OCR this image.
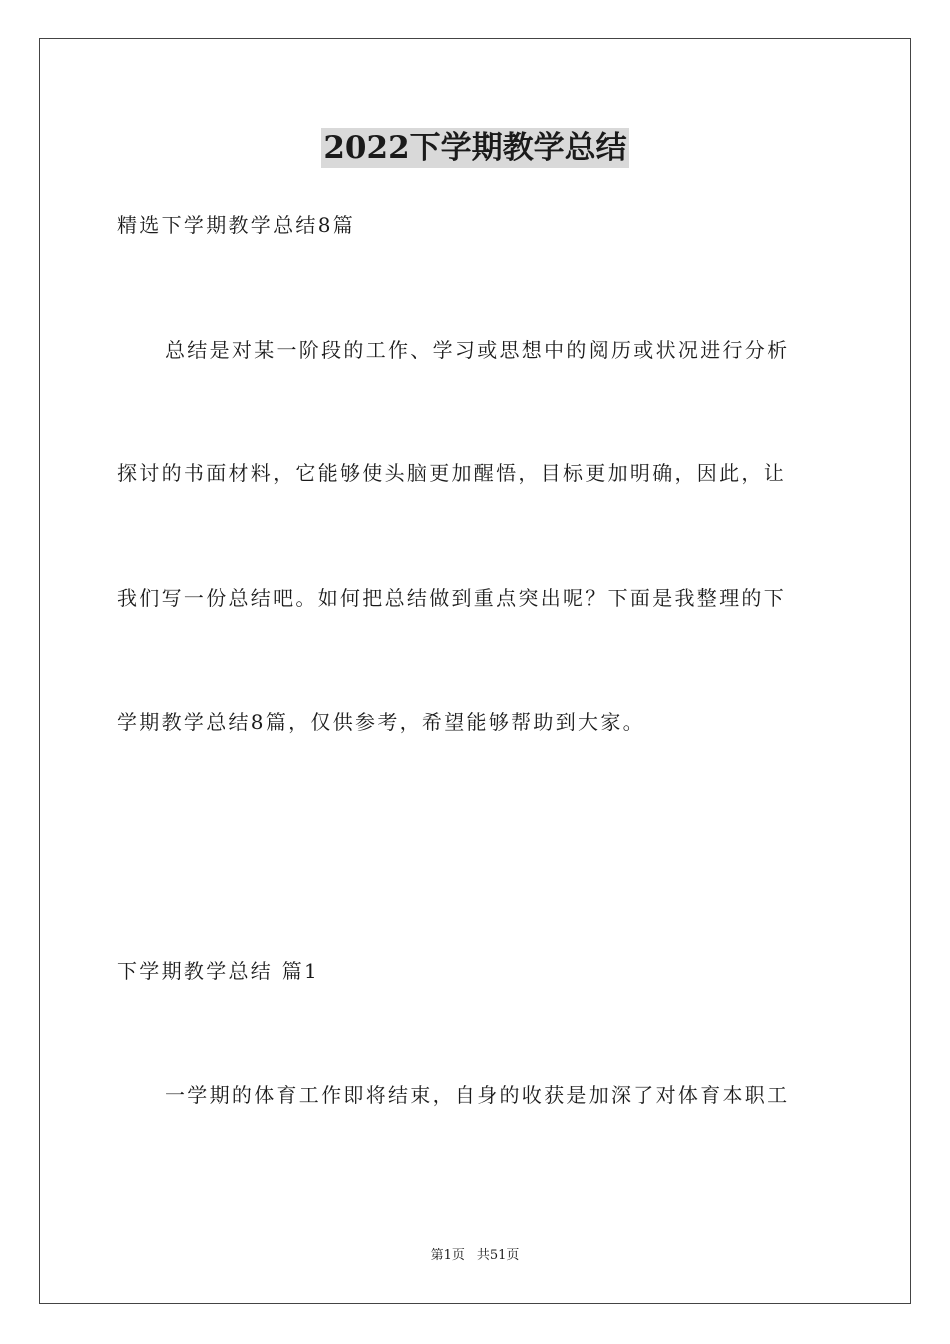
2022下学期教学总结
精选下学期教学总结8篇
总结是对某一阶段的工作、学习或思想中的阅历或状况进行分析
探讨的书面材料，它能够使头脑更加醒悟，目标更加明确，因此，让
我们写一份总结吧。如何把总结做到重点突出呢？下面是我整理的下
学期教学总结8篇，仅供参考，希望能够帮助到大家。
下学期教学总结 篇1
一学期的体育工作即将结束，自身的收获是加深了对体育本职工
第1页 共51页
